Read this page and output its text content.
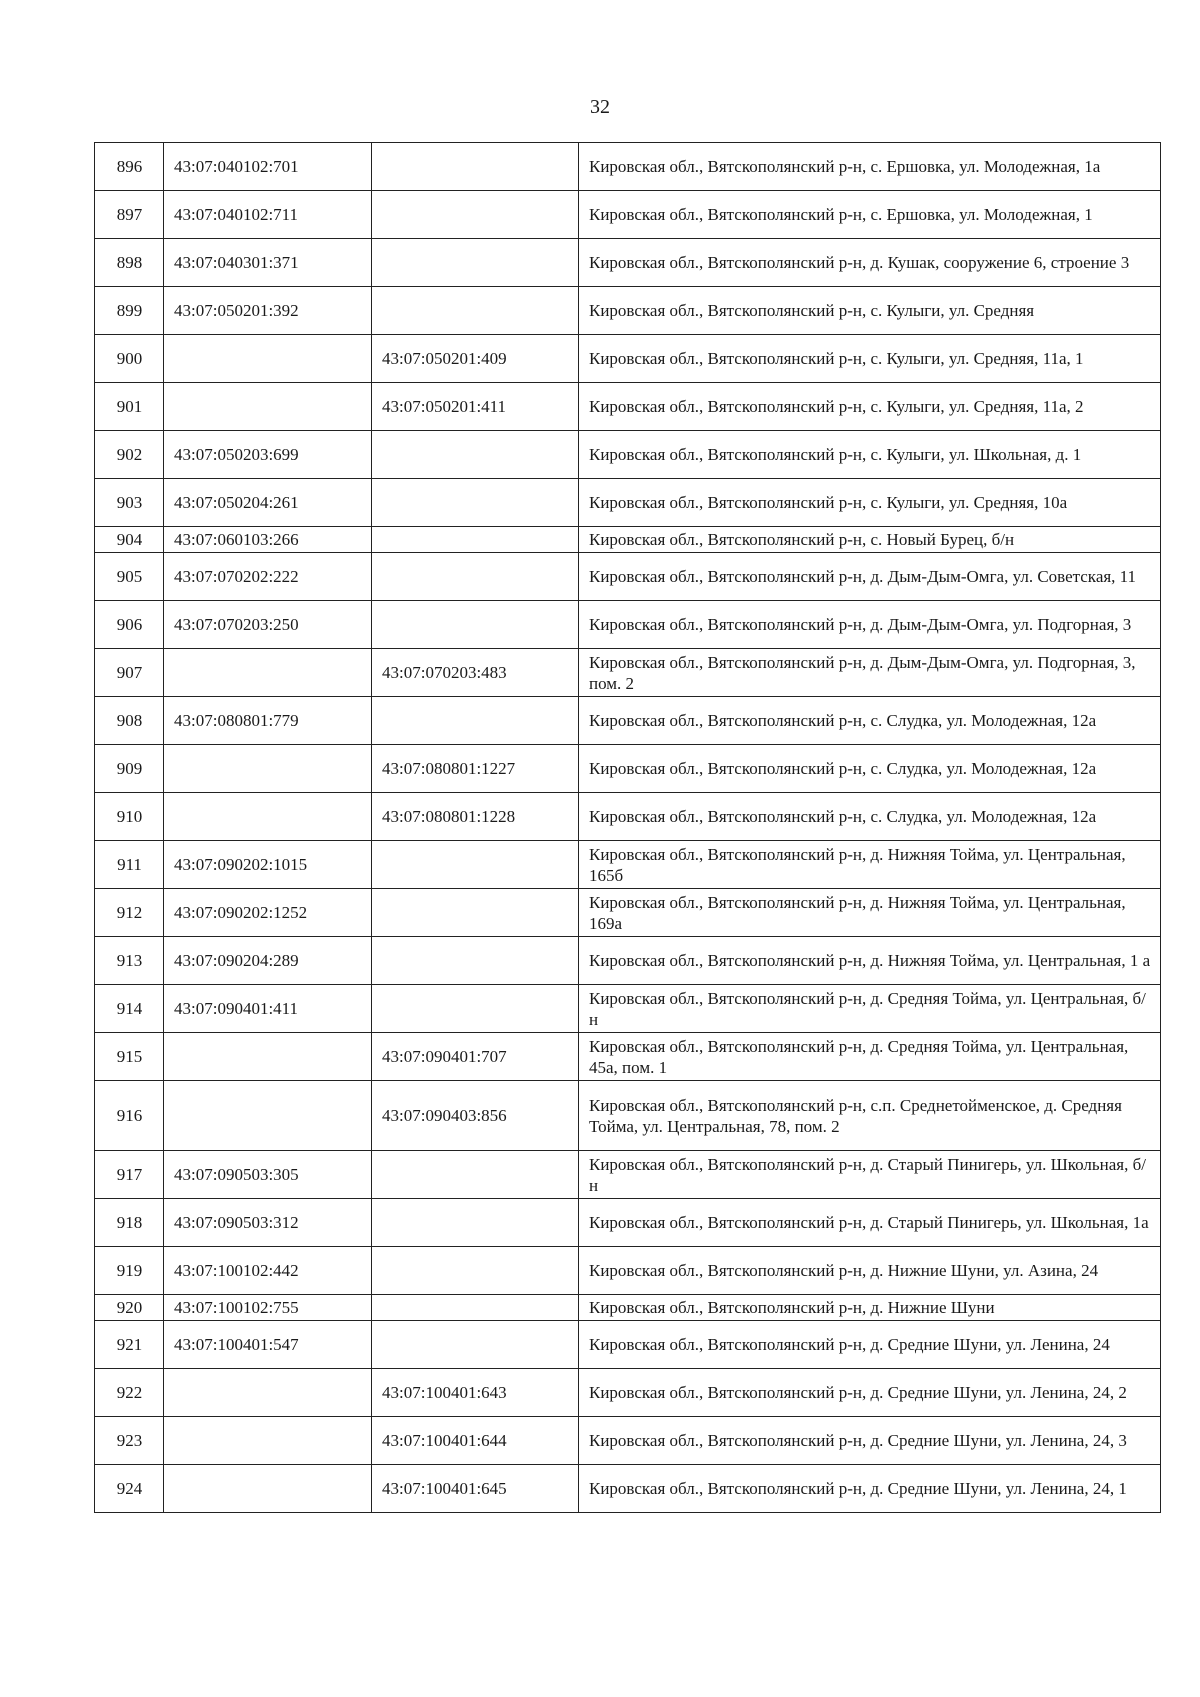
32
896	43:07:040102:701		Кировская обл., Вятскополянский р-н, с. Ершовка, ул. Молодежная, 1а
897	43:07:040102:711		Кировская обл., Вятскополянский р-н, с. Ершовка, ул. Молодежная, 1
898	43:07:040301:371		Кировская обл., Вятскополянский р-н, д. Кушак, сооружение 6, строение 3
899	43:07:050201:392		Кировская обл., Вятскополянский р-н, с. Кулыги, ул. Средняя
900		43:07:050201:409	Кировская обл., Вятскополянский р-н, с. Кулыги, ул. Средняя, 11а, 1
901		43:07:050201:411	Кировская обл., Вятскополянский р-н, с. Кулыги, ул. Средняя, 11а, 2
902	43:07:050203:699		Кировская обл., Вятскополянский р-н, с. Кулыги, ул. Школьная, д. 1
903	43:07:050204:261		Кировская обл., Вятскополянский р-н, с. Кулыги, ул. Средняя, 10а
904	43:07:060103:266		Кировская обл., Вятскополянский р-н, с. Новый Бурец, б/н
905	43:07:070202:222		Кировская обл., Вятскополянский р-н, д. Дым-Дым-Омга, ул. Советская, 11
906	43:07:070203:250		Кировская обл., Вятскополянский р-н, д. Дым-Дым-Омга, ул. Подгорная, 3
907		43:07:070203:483	Кировская обл., Вятскополянский р-н, д. Дым-Дым-Омга, ул. Подгорная, 3, пом. 2
908	43:07:080801:779		Кировская обл., Вятскополянский р-н, с. Слудка, ул. Молодежная, 12а
909		43:07:080801:1227	Кировская обл., Вятскополянский р-н, с. Слудка, ул. Молодежная, 12а
910		43:07:080801:1228	Кировская обл., Вятскополянский р-н, с. Слудка, ул. Молодежная, 12а
911	43:07:090202:1015		Кировская обл., Вятскополянский р-н, д. Нижняя Тойма, ул. Центральная, 165б
912	43:07:090202:1252		Кировская обл., Вятскополянский р-н, д. Нижняя Тойма, ул. Центральная, 169а
913	43:07:090204:289		Кировская обл., Вятскополянский р-н, д. Нижняя Тойма, ул. Центральная, 1 а
914	43:07:090401:411		Кировская обл., Вятскополянский р-н, д. Средняя Тойма, ул. Центральная, б/н
915		43:07:090401:707	Кировская обл., Вятскополянский р-н, д. Средняя Тойма, ул. Центральная, 45а, пом. 1
916		43:07:090403:856	Кировская обл., Вятскополянский р-н, с.п. Среднетойменское, д. Средняя Тойма, ул. Центральная, 78, пом. 2
917	43:07:090503:305		Кировская обл., Вятскополянский р-н, д. Старый Пинигерь, ул. Школьная, б/н
918	43:07:090503:312		Кировская обл., Вятскополянский р-н, д. Старый Пинигерь, ул. Школьная, 1а
919	43:07:100102:442		Кировская обл., Вятскополянский р-н, д. Нижние Шуни, ул. Азина, 24
920	43:07:100102:755		Кировская обл., Вятскополянский р-н, д. Нижние Шуни
921	43:07:100401:547		Кировская обл., Вятскополянский р-н, д. Средние Шуни, ул. Ленина, 24
922		43:07:100401:643	Кировская обл., Вятскополянский р-н, д. Средние Шуни, ул. Ленина, 24, 2
923		43:07:100401:644	Кировская обл., Вятскополянский р-н, д. Средние Шуни, ул. Ленина, 24, 3
924		43:07:100401:645	Кировская обл., Вятскополянский р-н, д. Средние Шуни, ул. Ленина, 24, 1
